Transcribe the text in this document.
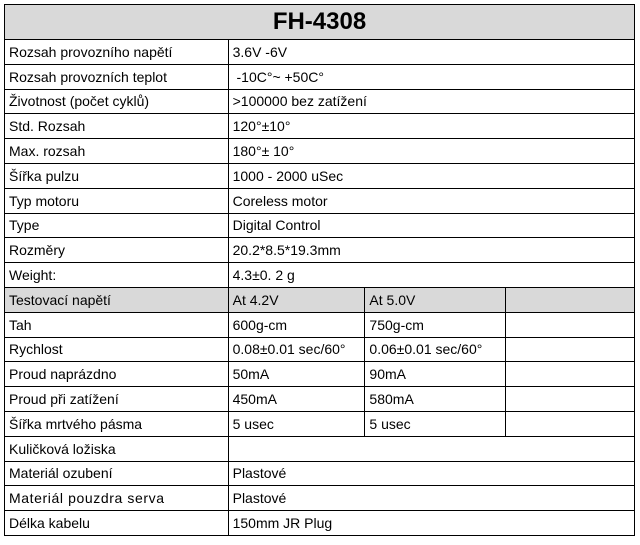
FH-4308			
Rozsah provozního napětí	3.6V -6V		
Rozsah provozních teplot	-10C°~ +50C°		
Životnost (počet cyklů)	>100000 bez zatížení		
Std. Rozsah	120°±10°		
Max. rozsah	180°± 10°		
Šířka pulzu	1000 - 2000 uSec		
Typ motoru	Coreless motor		
Type	Digital Control		
Rozměry	20.2*8.5*19.3mm		
Weight:	4.3±0. 2 g		
Testovací napětí	At 4.2V	At 5.0V	
Tah	600g-cm	750g-cm	
Rychlost	0.08±0.01 sec/60°	0.06±0.01 sec/60°	
Proud naprázdno	50mA	90mA	
Proud při zatížení	450mA	580mA	
Šířka mrtvého pásma	5 usec	5 usec	
Kuličková ložiska			
Materiál ozubení	Plastové		
Materiál pouzdra serva	Plastové		
Délka kabelu	150mm JR Plug		
